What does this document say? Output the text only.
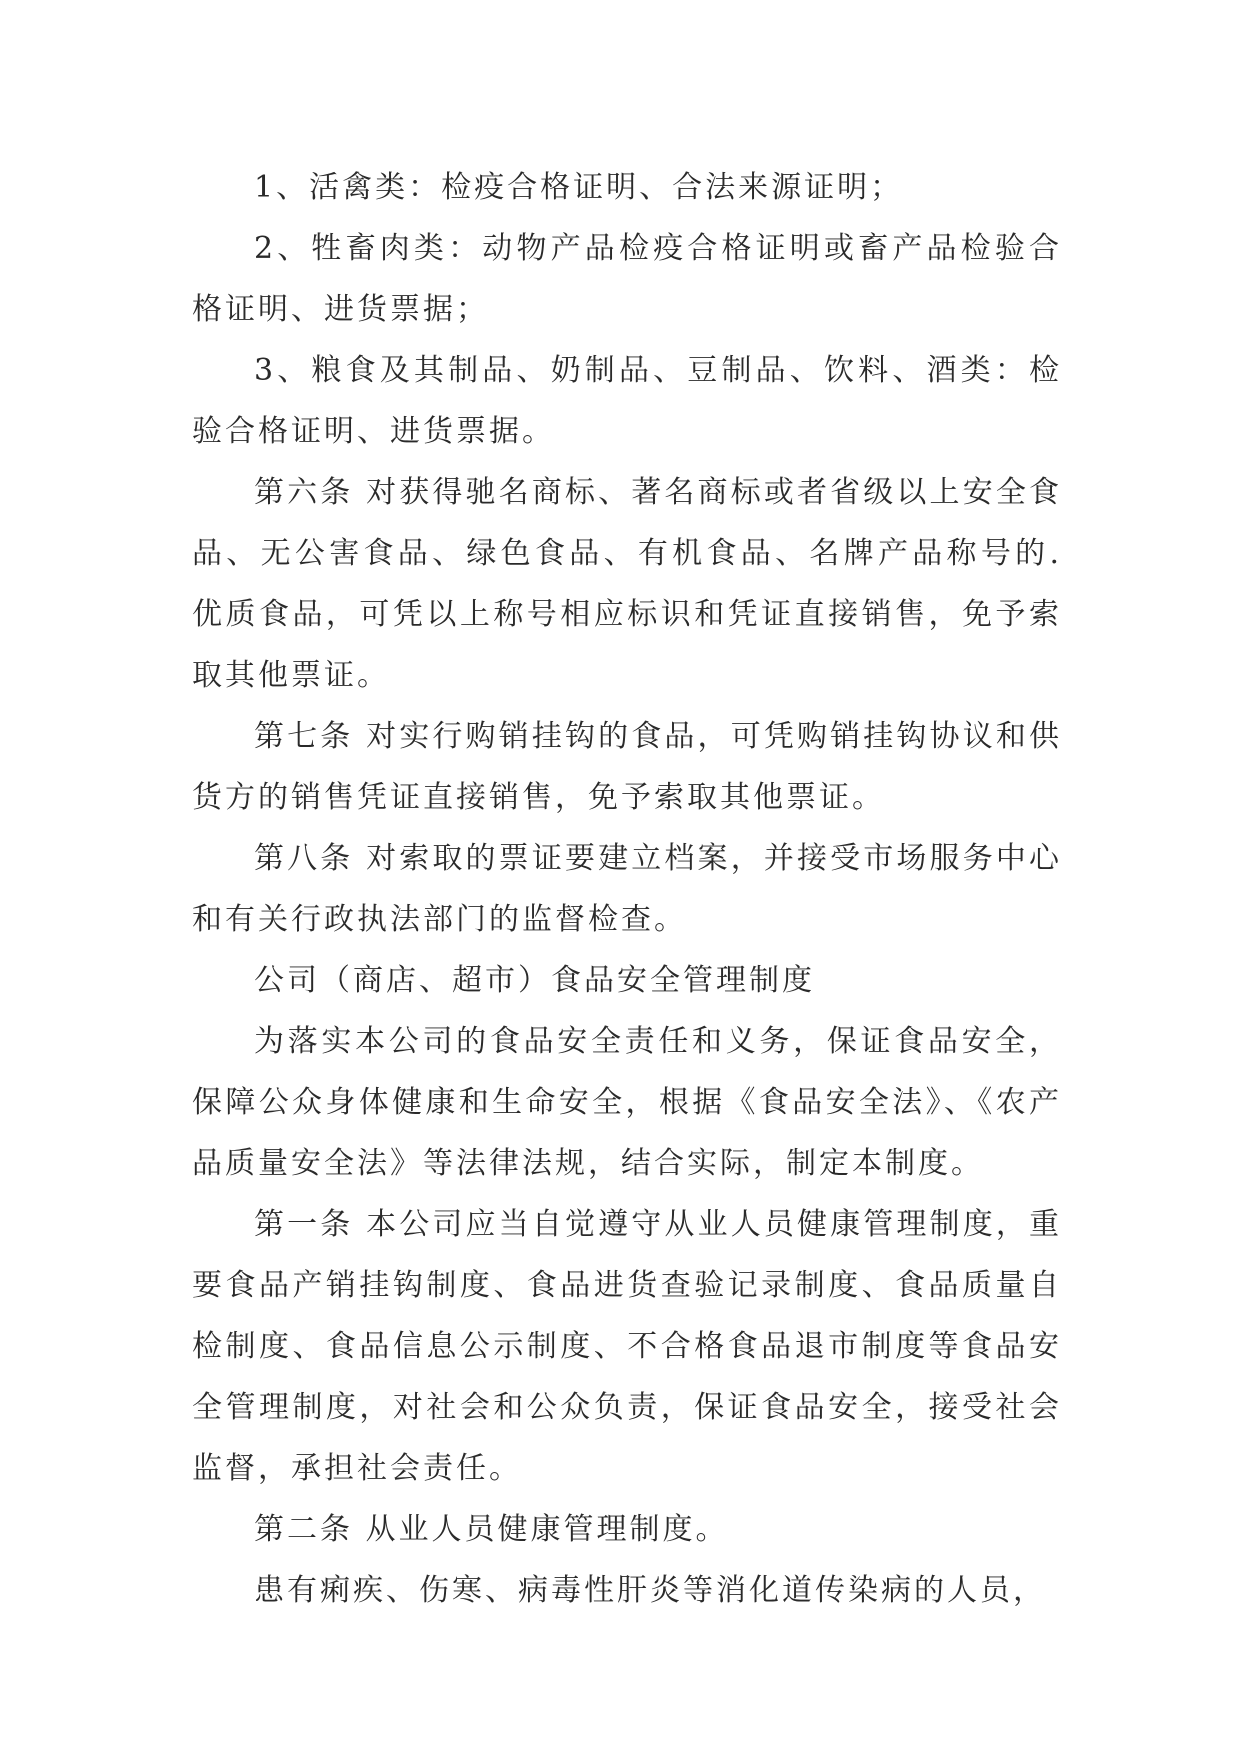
1、活禽类：检疫合格证明、合法来源证明；

2、牲畜肉类：动物产品检疫合格证明或畜产品检验合格证明、进货票据；

3、粮食及其制品、奶制品、豆制品、饮料、酒类：检验合格证明、进货票据。

第六条 对获得驰名商标、著名商标或者省级以上安全食品、无公害食品、绿色食品、有机食品、名牌产品称号的.优质食品，可凭以上称号相应标识和凭证直接销售，免予索取其他票证。

第七条 对实行购销挂钩的食品，可凭购销挂钩协议和供货方的销售凭证直接销售，免予索取其他票证。

第八条 对索取的票证要建立档案，并接受市场服务中心和有关行政执法部门的监督检查。

公司（商店、超市）食品安全管理制度

为落实本公司的食品安全责任和义务，保证食品安全，保障公众身体健康和生命安全，根据《食品安全法》、《农产品质量安全法》等法律法规，结合实际，制定本制度。

第一条 本公司应当自觉遵守从业人员健康管理制度，重要食品产销挂钩制度、食品进货查验记录制度、食品质量自检制度、食品信息公示制度、不合格食品退市制度等食品安全管理制度，对社会和公众负责，保证食品安全，接受社会监督，承担社会责任。

第二条 从业人员健康管理制度。

患有痢疾、伤寒、病毒性肝炎等消化道传染病的人员，
